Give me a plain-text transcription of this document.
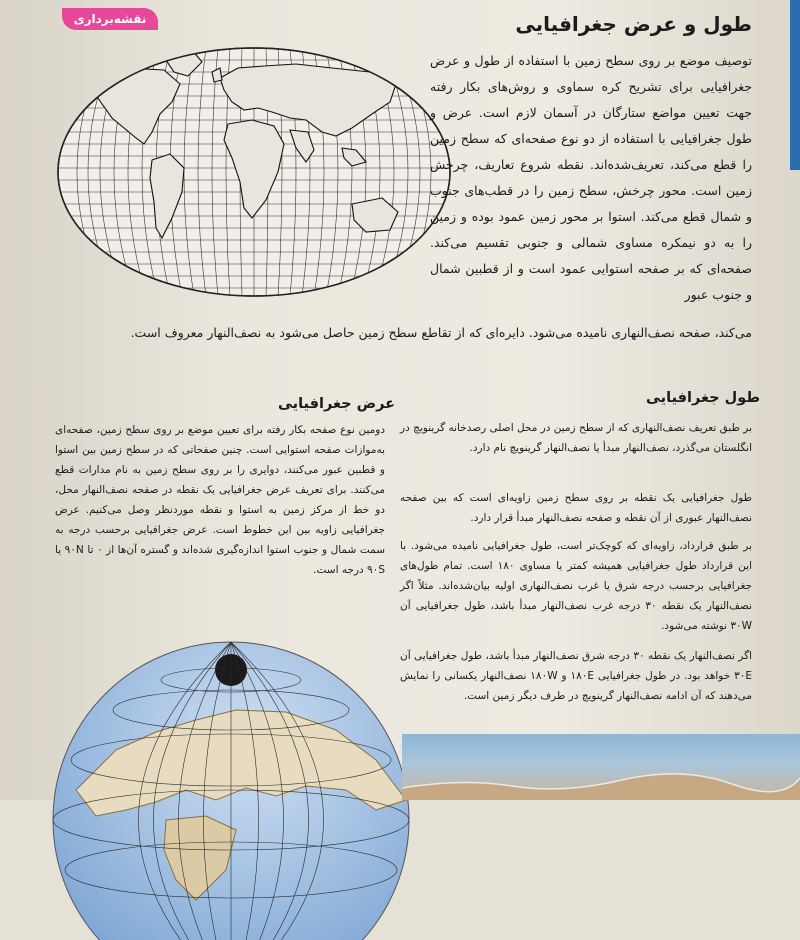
نقشه‌برداری	طول و عرض جغرافیایی
توصیف موضع بر روی سطح زمین با استفاده از طول و عرض جغرافیایی برای تشریح کره سماوی و روش‌های بکار رفته جهت تعیین مواضع ستارگان در آسمان لازم است. عرض و طول جغرافیایی با استفاده از دو نوع صفحه‌ای که سطح زمین را قطع می‌کند، تعریف‌شده‌اند. نقطه شروع تعاریف، چرخش زمین است. محور چرخش، سطح زمین را در قطب‌های جنوب و شمال قطع می‌کند. استوا بر محور زمین عمود بوده و زمین را به دو نیمکره مساوی شمالی و جنوبی تقسیم می‌کند. صفحه‌ای که بر صفحه استوایی عمود است و از قطبین شمال و جنوب عبور
می‌کند، صفحه نصف‌النهاری نامیده می‌شود. دایره‌ای که از تقاطع سطح زمین حاصل می‌شود به نصف‌النهار معروف است.
طول جغرافیایی

بر طبق تعریف نصف‌النهاری که از سطح زمین در محل اصلی رصدخانه گرینویچ در انگلستان می‌گذرد، نصف‌النهار مبدأ یا نصف‌النهار گرینویچ نام دارد.

طول جغرافیایی یک نقطه بر روی سطح زمین زاویه‌ای است که بین صفحه نصف‌النهار عبوری از آن نقطه و صفحه نصف‌النهار مبدأ قرار دارد.

بر طبق قرارداد، زاویه‌ای که کوچک‌تر است، طول جغرافیایی نامیده می‌شود. با این قرارداد طول جغرافیایی همیشه کمتر یا مساوی ۱۸۰ است. تمام طول‌های جغرافیایی برحسب درجه شرق یا غرب نصف‌النهاری اولیه بیان‌شده‌اند. مثلاً اگر نصف‌النهار یک نقطه ۳۰ درجه غرب نصف‌النهار مبدأ باشد، طول جغرافیایی آن ۳۰W نوشته می‌شود.

اگر نصف‌النهار یک نقطه ۳۰ درجه شرق نصف‌النهار مبدأ باشد، طول جغرافیایی آن ۳۰E خواهد بود. در طول جغرافیایی ۱۸۰E و ۱۸۰W نصف‌النهار یکسانی را نمایش می‌دهند که آن ادامه نصف‌النهار گرینویچ در طرف دیگر زمین است.

عرض جغرافیایی

دومین نوع صفحه بکار رفته برای تعیین موضع بر روی سطح زمین، صفحه‌ای به‌موازات صفحه استوایی است. چنین صفحاتی که در سطح زمین بین استوا و قطبین عبور می‌کنند، دوایری را بر روی سطح زمین به نام مدارات قطع می‌کنند. برای تعریف عرض جغرافیایی یک نقطه در صفحه نصف‌النهار محل، دو خط از مرکز زمین به استوا و نقطه موردنظر وصل می‌کنیم. عرض جغرافیایی زاویه بین این خطوط است. عرض جغرافیایی برحسب درجه به سمت شمال و جنوب استوا اندازه‌گیری شده‌اند و گستره آن‌ها از ۰ تا ۹۰N یا ۹۰S درجه است.
